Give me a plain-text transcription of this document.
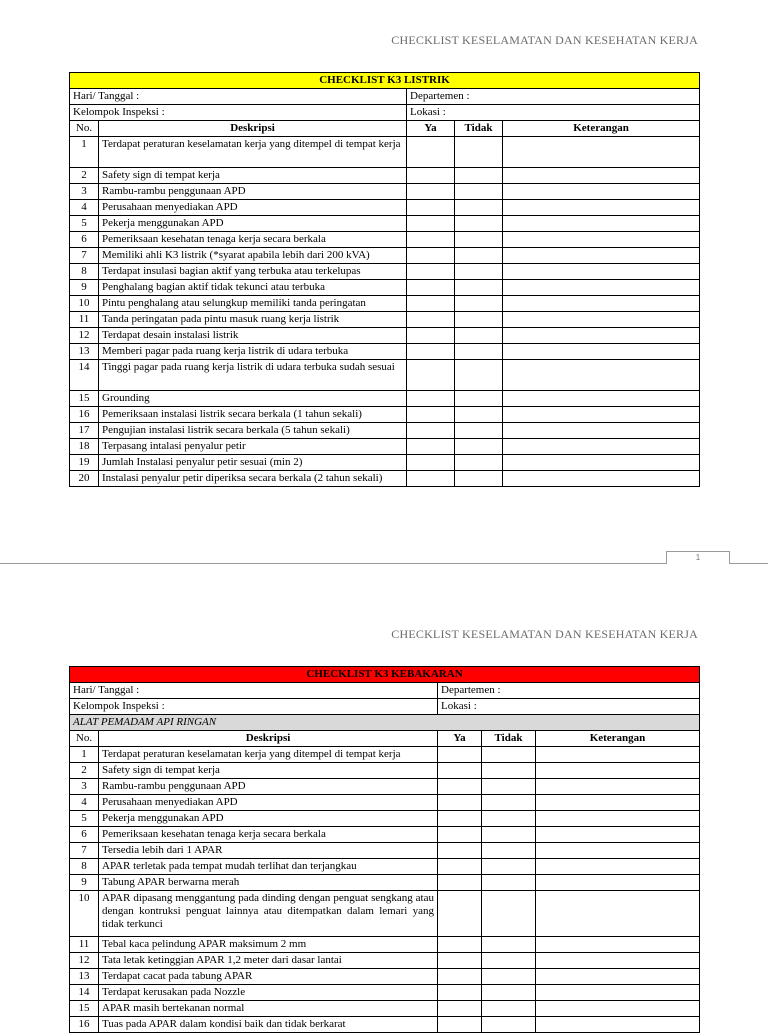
CHECKLIST KESELAMATAN DAN KESEHATAN KERJA
CHECKLIST K3 LISTRIK				
Hari/ Tanggal :		Departemen :		
Kelompok Inspeksi :		Lokasi :		
No.	Deskripsi	Ya	Tidak	Keterangan
1	Terdapat peraturan keselamatan kerja yang ditempel di tempat kerja			
2	Safety sign di tempat kerja			
3	Rambu-rambu penggunaan APD			
4	Perusahaan menyediakan APD			
5	Pekerja menggunakan APD			
6	Pemeriksaan kesehatan tenaga kerja secara berkala			
7	Memiliki ahli K3 listrik (*syarat apabila lebih dari 200 kVA)			
8	Terdapat insulasi bagian aktif yang terbuka atau terkelupas			
9	Penghalang bagian aktif tidak tekunci atau terbuka			
10	Pintu penghalang atau selungkup memiliki tanda peringatan			
11	Tanda peringatan pada pintu masuk ruang kerja listrik			
12	Terdapat desain instalasi listrik			
13	Memberi pagar pada ruang kerja listrik di udara terbuka			
14	Tinggi pagar pada ruang kerja listrik di udara terbuka sudah sesuai			
15	Grounding			
16	Pemeriksaan instalasi listrik secara berkala (1 tahun sekali)			
17	Pengujian instalasi listrik secara berkala (5 tahun sekali)			
18	Terpasang intalasi penyalur petir			
19	Jumlah Instalasi penyalur petir sesuai (min 2)			
20	Instalasi penyalur petir diperiksa secara berkala (2 tahun sekali)			
1
CHECKLIST KESELAMATAN DAN KESEHATAN KERJA
CHECKLIST K3 KEBAKARAN				
Hari/ Tanggal :		Departemen :		
Kelompok Inspeksi :		Lokasi :		
ALAT PEMADAM API RINGAN				
No.	Deskripsi	Ya	Tidak	Keterangan
1	Terdapat peraturan keselamatan kerja yang ditempel di tempat kerja			
2	Safety sign di tempat kerja			
3	Rambu-rambu penggunaan APD			
4	Perusahaan menyediakan APD			
5	Pekerja menggunakan APD			
6	Pemeriksaan kesehatan tenaga kerja secara berkala			
7	Tersedia lebih dari 1 APAR			
8	APAR terletak pada tempat mudah terlihat dan terjangkau			
9	Tabung APAR berwarna merah			
10	APAR dipasang menggantung pada dinding dengan penguat sengkang atau dengan kontruksi penguat lainnya atau ditempatkan dalam lemari yang tidak terkunci			
11	Tebal kaca pelindung APAR maksimum 2 mm			
12	Tata letak ketinggian APAR 1,2 meter dari dasar lantai			
13	Terdapat cacat pada tabung APAR			
14	Terdapat kerusakan pada Nozzle			
15	APAR masih bertekanan normal			
16	Tuas pada APAR dalam kondisi baik dan tidak berkarat			
